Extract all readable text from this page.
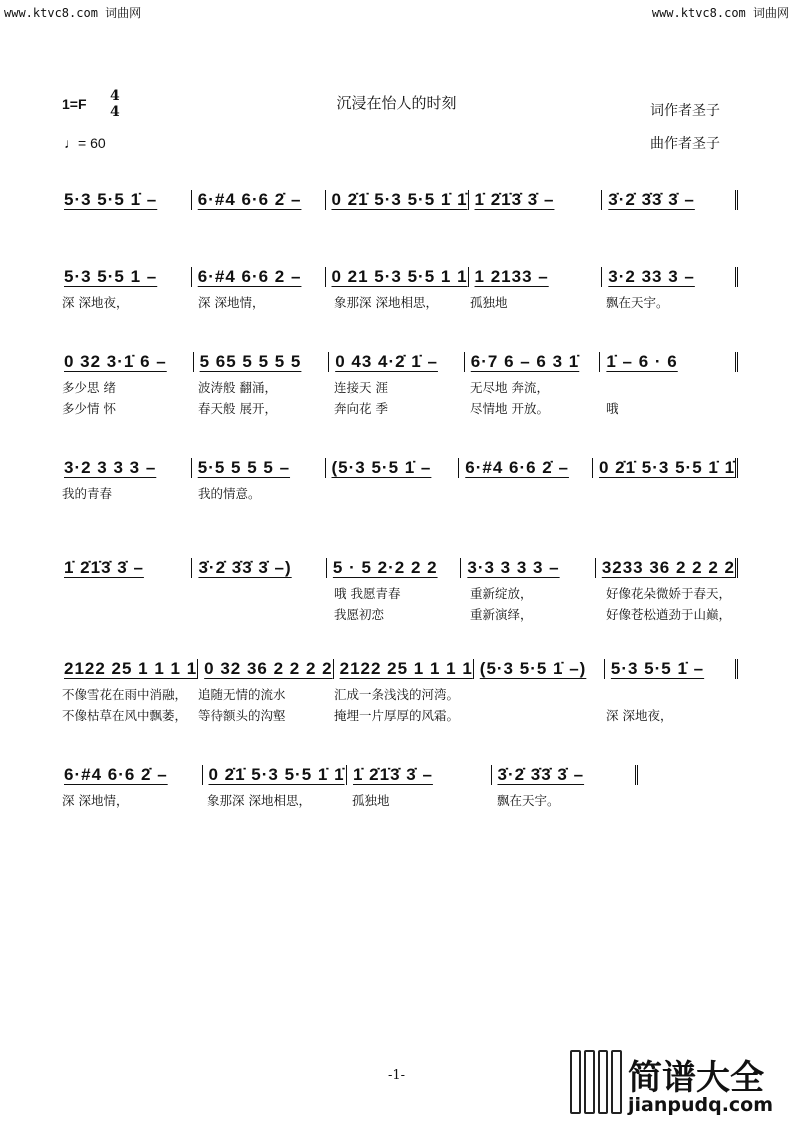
www.ktvc8.com 词曲网	www.ktvc8.com 词曲网
沉浸在怡人的时刻
1=F 4
4
♩= 60
词作者圣子
曲作者圣子
5·3 5·5 1̇ –	6·#4 6·6 2̇ –	0 2̇1̇ 5·3 5·5 1̇ 1̇ 1̇ 2̇1̇3̇ 3̇ –	3̇·2̇ 3̇3̇ 3̇ –
5·3 5·5 1 –	6·#4 6·6 2 –	0 21 5·3 5·5 1 1 1 2133 –	3·2 33 3 –
深 深地夜，	深 深地情，	象那深 深地相思，	孤独地	飘在天宇。
0 32 3·1̇ 6 –	5 65 5 5 5 5	0 43 4·2̇ 1̇ –	6·7 6 – 6 3 1̇	1̇ – 6 · 6
多少思 绪	波涛般 翻涌，	连接天 涯	无尽地 奔流，
多少情 怀	春天般 展开，	奔向花 季	尽情地 开放。	哦
3·2 3 3 3 –	5·5 5 5 5 –	(5·3 5·5 1̇ –	6·#4 6·6 2̇ –	0 2̇1̇ 5·3 5·5 1̇ 1̇
我的青春	我的情意。
1̇ 2̇1̇3̇ 3̇ –	3̇·2̇ 3̇3̇ 3̇ –)	5 · 5 2·2 2 2	3·3 3 3 3 –	3233 36 2 2 2 2
哦 我愿青春	重新绽放，	好像花朵微娇于春天，
我愿初恋	重新演绎，	好像苍松遒劲于山巅，
2122 25 1 1 1 1 0 32 36 2 2 2 2 2122 25 1 1 1 1 (5·3 5·5 1̇ –)	5·3 5·5 1̇ –
不像雪花在雨中消融， 追随无情的流水	汇成一条浅浅的河湾。
不像枯草在风中飘萎， 等待额头的沟壑	掩埋一片厚厚的风霜。	深 深地夜，
6·#4 6·6 2̇ –	0 2̇1̇ 5·3 5·5 1̇ 1̇ 1̇ 2̇1̇3̇ 3̇ –	3̇·2̇ 3̇3̇ 3̇ –
深 深地情，	象那深 深地相思，	孤独地	飘在天宇。
-1-	简谱大全
jianpudq.com
